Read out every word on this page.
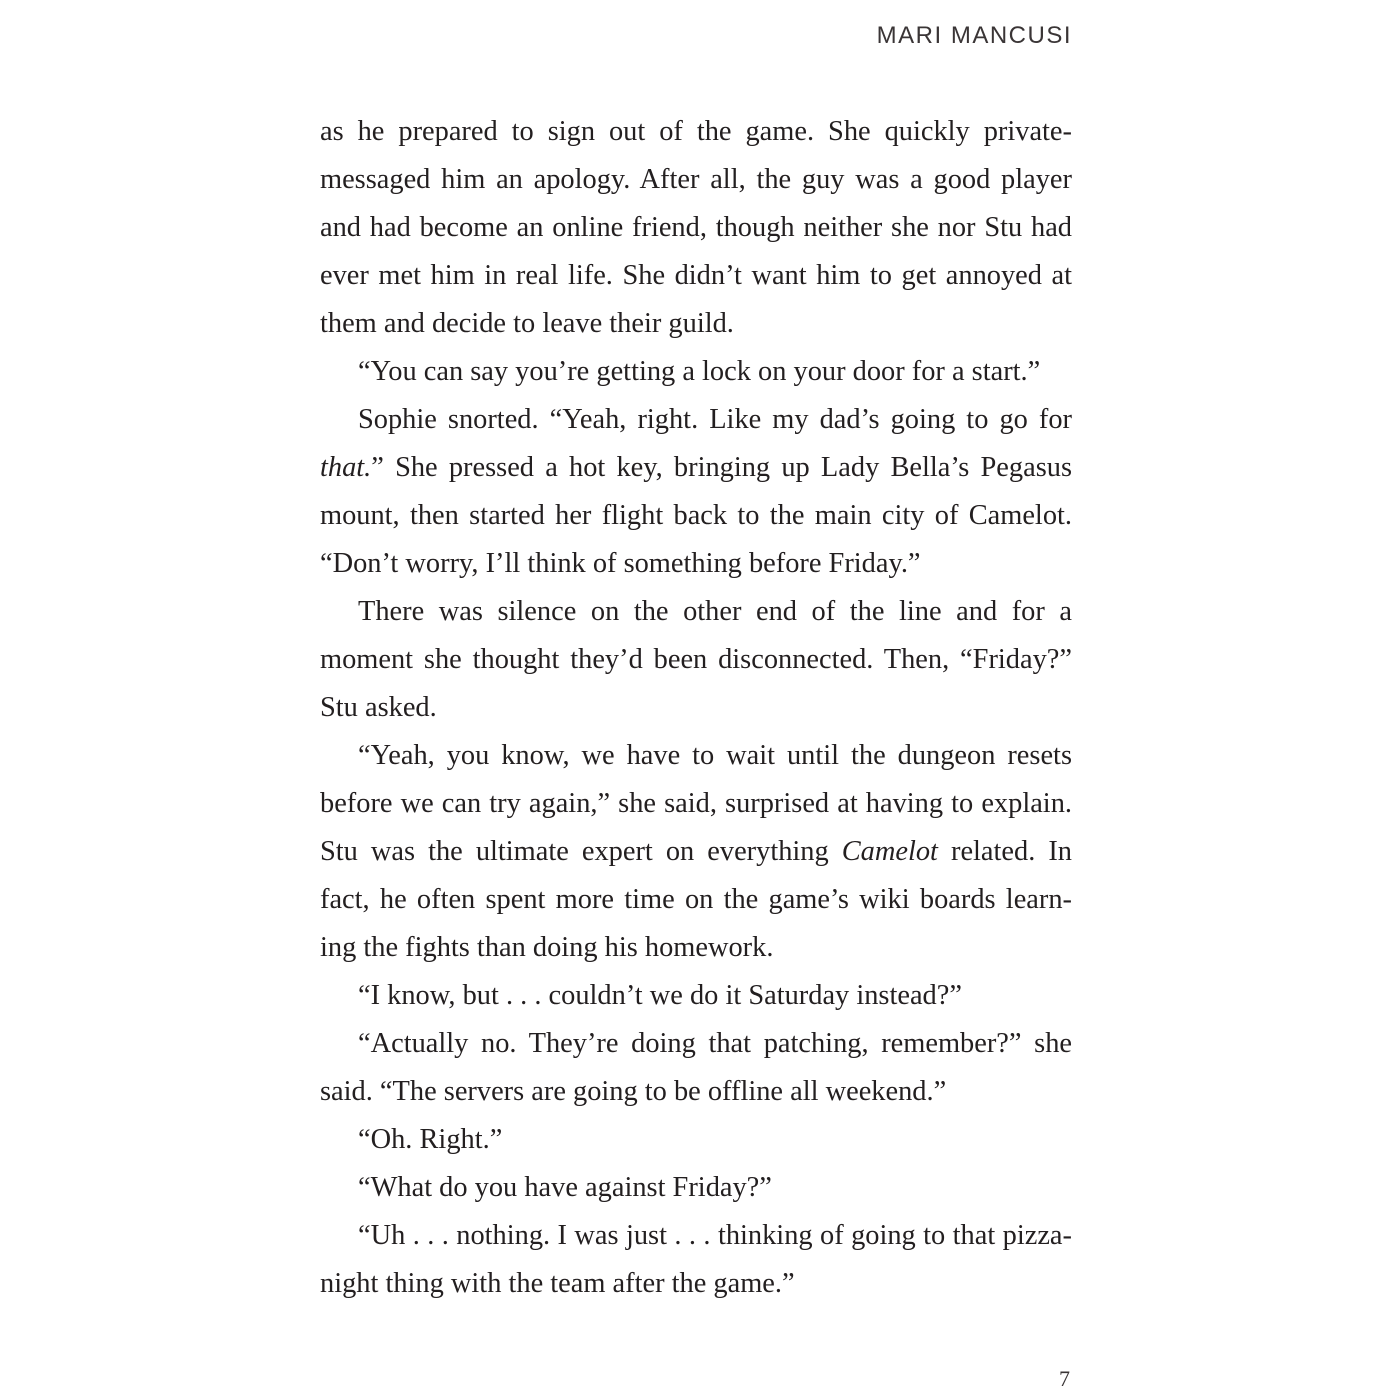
MARI MANCUSI
as he prepared to sign out of the game. She quickly private-
messaged him an apology. After all, the guy was a good player
and had become an online friend, though neither she nor Stu had
ever met him in real life. She didn’t want him to get annoyed at
them and decide to leave their guild.
“You can say you’re getting a lock on your door for a start.”
Sophie snorted. “Yeah, right. Like my dad’s going to go for
that.” She pressed a hot key, bringing up Lady Bella’s Pegasus
mount, then started her flight back to the main city of Camelot.
“Don’t worry, I’ll think of something before Friday.”
There was silence on the other end of the line and for a
moment she thought they’d been disconnected. Then, “Friday?”
Stu asked.
“Yeah, you know, we have to wait until the dungeon resets
before we can try again,” she said, surprised at having to explain.
Stu was the ultimate expert on everything Camelot related. In
fact, he often spent more time on the game’s wiki boards learn-
ing the fights than doing his homework.
“I know, but . . . couldn’t we do it Saturday instead?”
“Actually no. They’re doing that patching, remember?” she
said. “The servers are going to be offline all weekend.”
“Oh. Right.”
“What do you have against Friday?”
“Uh . . . nothing. I was just . . . thinking of going to that pizza-
night thing with the team after the game.”
7
